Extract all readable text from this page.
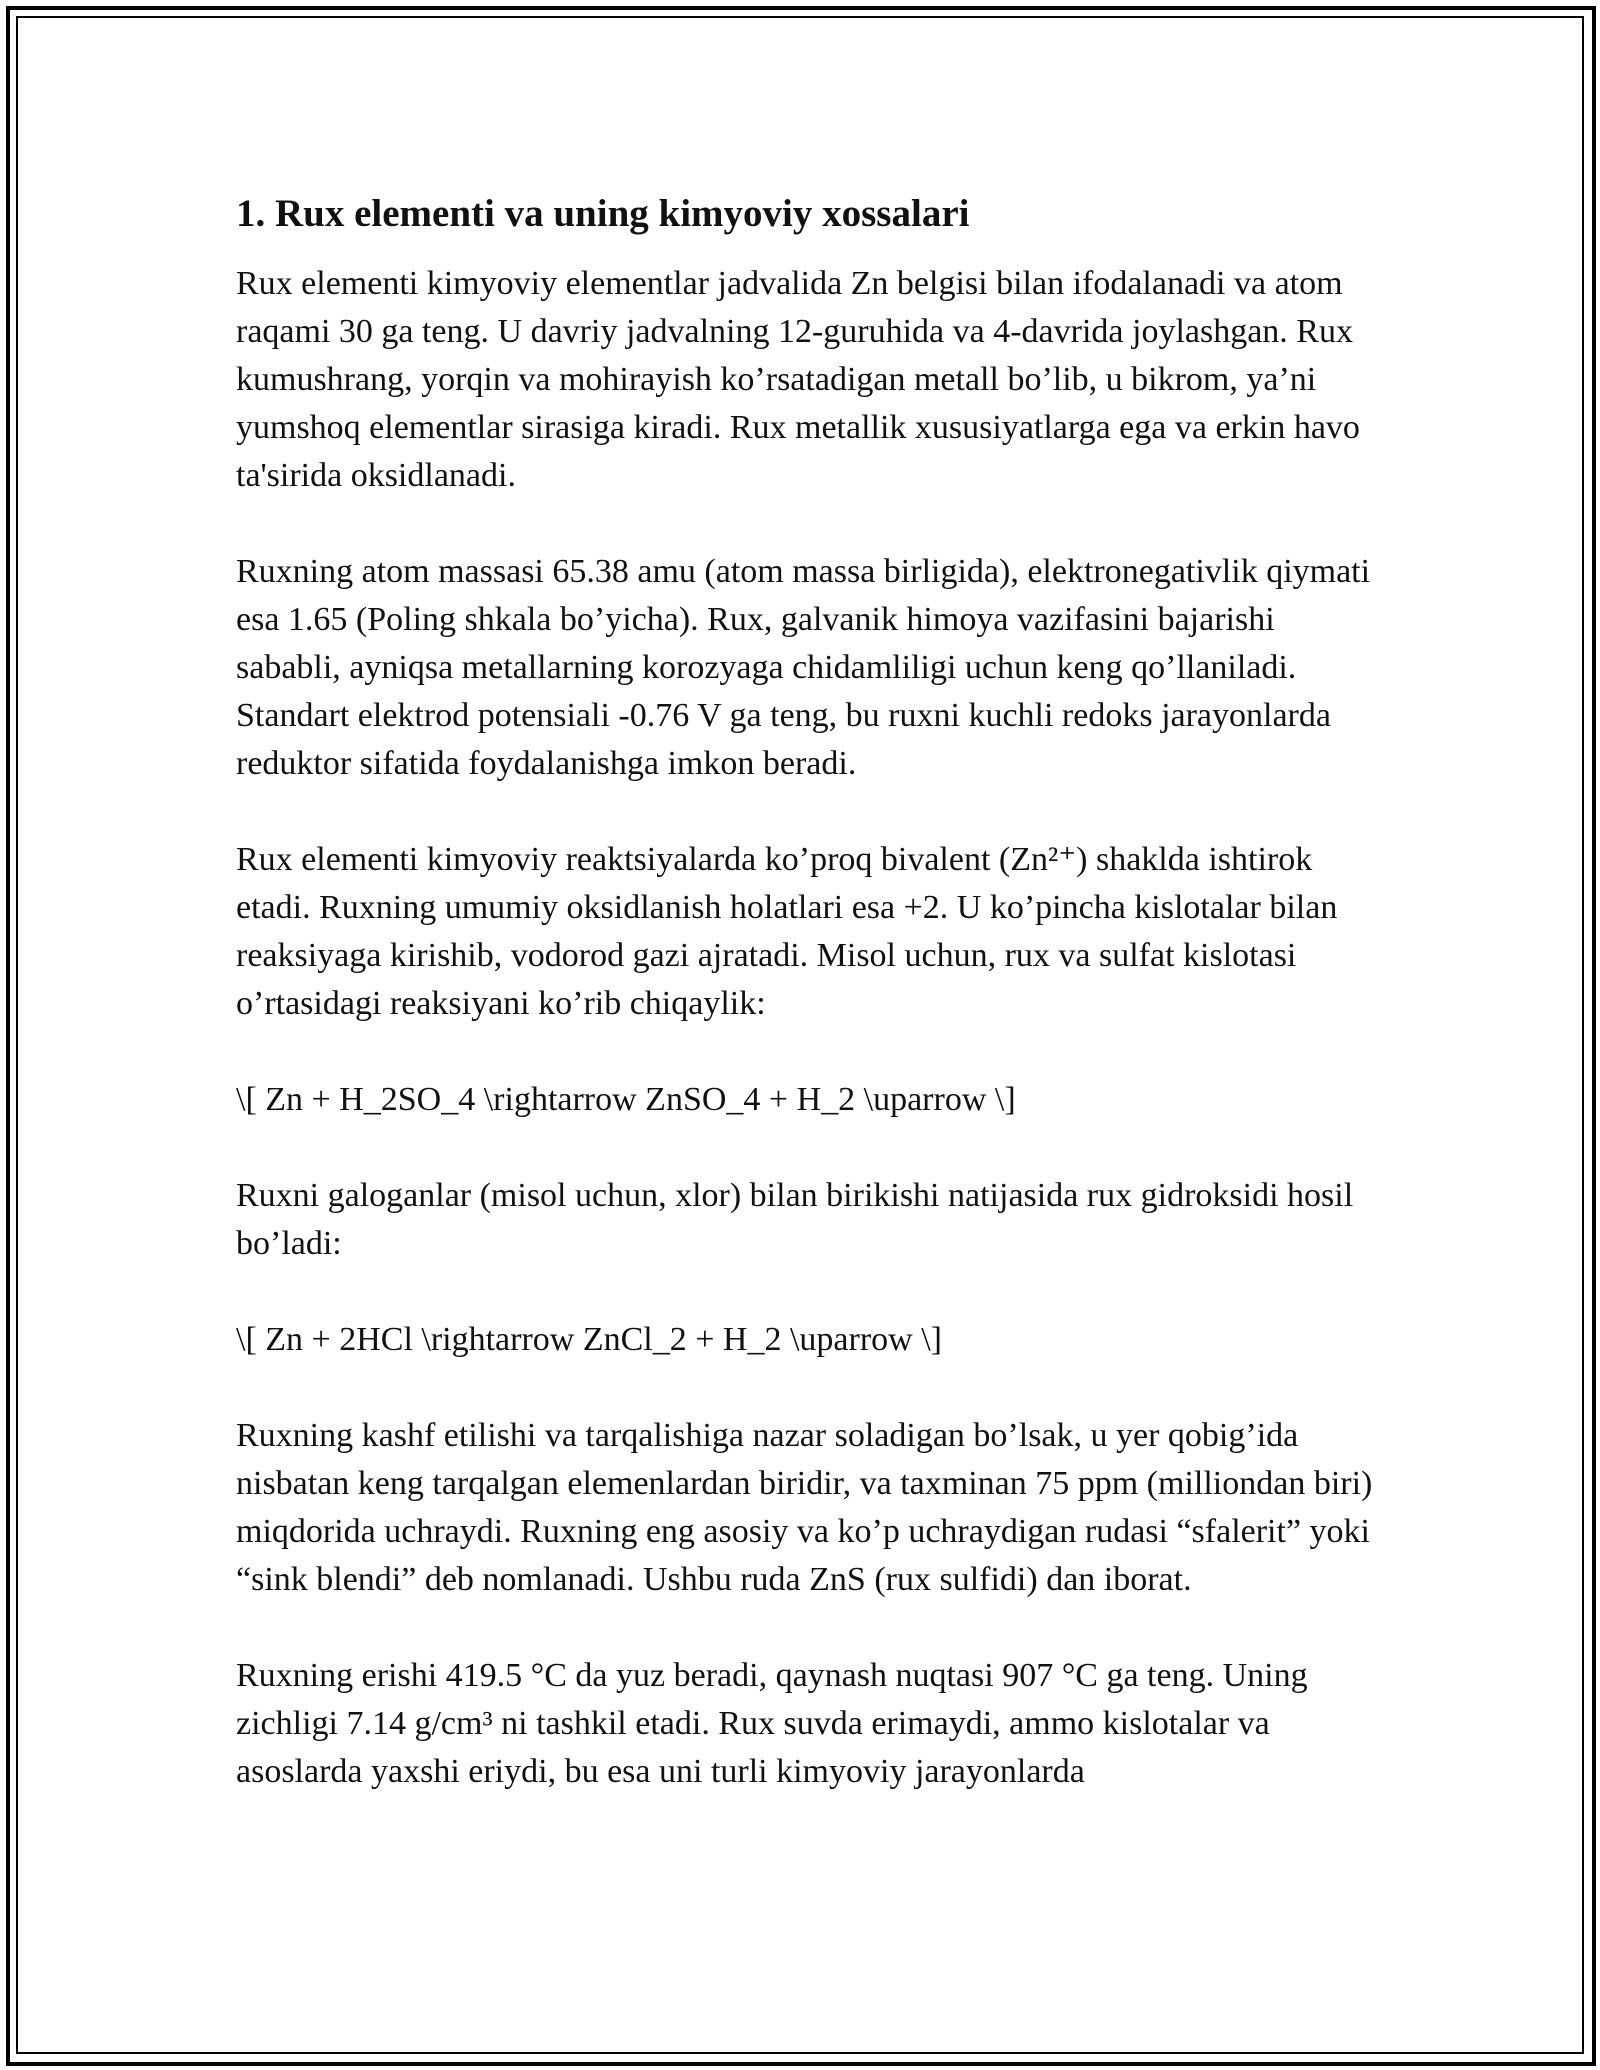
1. Rux elementi va uning kimyoviy xossalari

Rux elementi kimyoviy elementlar jadvalida Zn belgisi bilan ifodalanadi va atom raqami 30 ga teng. U davriy jadvalning 12-guruhida va 4-davrida joylashgan. Rux kumushrang, yorqin va mohirayish ko’rsatadigan metall bo’lib, u bikrom, ya’ni yumshoq elementlar sirasiga kiradi. Rux metallik xususiyatlarga ega va erkin havo ta'sirida oksidlanadi.

Ruxning atom massasi 65.38 amu (atom massa birligida), elektronegativlik qiymati esa 1.65 (Poling shkala bo’yicha). Rux, galvanik himoya vazifasini bajarishi sababli, ayniqsa metallarning korozyaga chidamliligi uchun keng qo’llaniladi. Standart elektrod potensiali -0.76 V ga teng, bu ruxni kuchli redoks jarayonlarda reduktor sifatida foydalanishga imkon beradi.

Rux elementi kimyoviy reaktsiyalarda ko’proq bivalent (Zn²⁺) shaklda ishtirok etadi. Ruxning umumiy oksidlanish holatlari esa +2. U ko’pincha kislotalar bilan reaksiyaga kirishib, vodorod gazi ajratadi. Misol uchun, rux va sulfat kislotasi o’rtasidagi reaksiyani ko’rib chiqaylik:

\[ Zn + H_2SO_4 \rightarrow ZnSO_4 + H_2 \uparrow \]

Ruxni galoganlar (misol uchun, xlor) bilan birikishi natijasida rux gidroksidi hosil bo’ladi:

\[ Zn + 2HCl \rightarrow ZnCl_2 + H_2 \uparrow \]

Ruxning kashf etilishi va tarqalishiga nazar soladigan bo’lsak, u yer qobig’ida nisbatan keng tarqalgan elemenlardan biridir, va taxminan 75 ppm (milliondan biri) miqdorida uchraydi. Ruxning eng asosiy va ko’p uchraydigan rudasi “sfalerit” yoki “sink blendi” deb nomlanadi. Ushbu ruda ZnS (rux sulfidi) dan iborat.

Ruxning erishi 419.5 °C da yuz beradi, qaynash nuqtasi 907 °C ga teng. Uning zichligi 7.14 g/cm³ ni tashkil etadi. Rux suvda erimaydi, ammo kislotalar va asoslarda yaxshi eriydi, bu esa uni turli kimyoviy jarayonlarda
